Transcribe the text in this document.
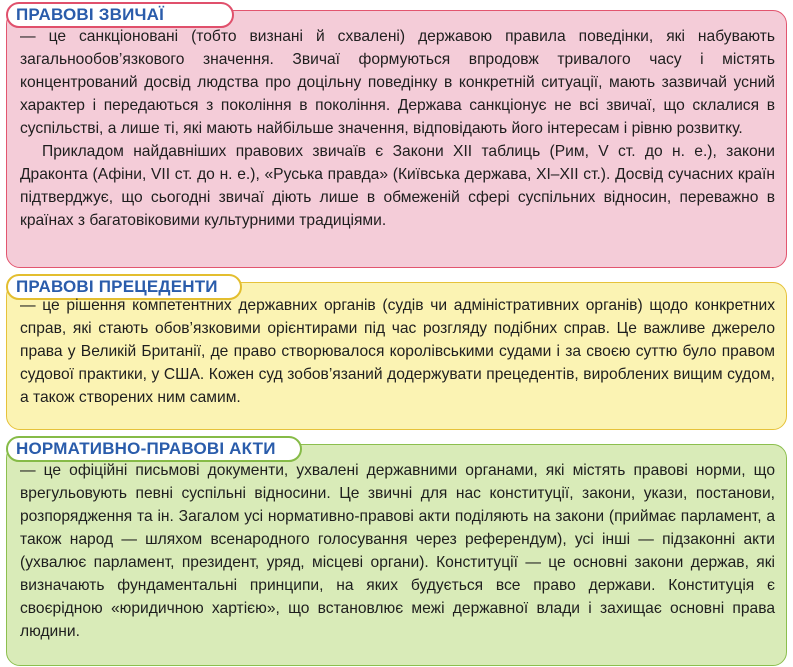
ПРАВОВІ ЗВИЧАЇ
— це санкціоновані (тобто визнані й схвалені) державою правила поведінки, які набувають загальнообов’язкового значення. Звичаї формуються впродовж тривалого часу і містять концентрований досвід людства про доцільну поведінку в конкретній ситуації, мають зазвичай усний характер і передаються з покоління в покоління. Держава санкціонує не всі звичаї, що склалися в суспільстві, а лише ті, які мають найбільше значення, відповідають його інтересам і рівню розвитку.
Прикладом найдавніших правових звичаїв є Закони XII таблиць (Рим, V ст. до н. е.), закони Драконта (Афіни, VII ст. до н. е.), «Руська правда» (Київська держава, XI–XII ст.). Досвід сучасних країн підтверджує, що сьогодні звичаї діють лише в обмеженій сфері суспільних відносин, переважно в країнах з багатовіковими культурними традиціями.
ПРАВОВІ ПРЕЦЕДЕНТИ
— це рішення компетентних державних органів (судів чи адміністративних органів) щодо конкретних справ, які стають обов’язковими орієнтирами під час розгляду подібних справ. Це важливе джерело права у Великій Британії, де право створювалося королівськими судами і за своєю суттю було правом судової практики, у США. Кожен суд зобов’язаний додержувати прецедентів, вироблених вищим судом, а також створених ним самим.
НОРМАТИВНО-ПРАВОВІ АКТИ
— це офіційні письмові документи, ухвалені державними органами, які містять правові норми, що врегульовують певні суспільні відносини. Це звичні для нас конституції, закони, укази, постанови, розпорядження та ін. Загалом усі нормативно-правові акти поділяють на закони (приймає парламент, а також народ — шляхом всенародного голосування через референдум), усі інші — підзаконні акти (ухвалює парламент, президент, уряд, місцеві органи). Конституції — це основні закони держав, які визначають фундаментальні принципи, на яких будується все право держави. Конституція є своєрідною «юридичною хартією», що встановлює межі державної влади і захищає основні права людини.
